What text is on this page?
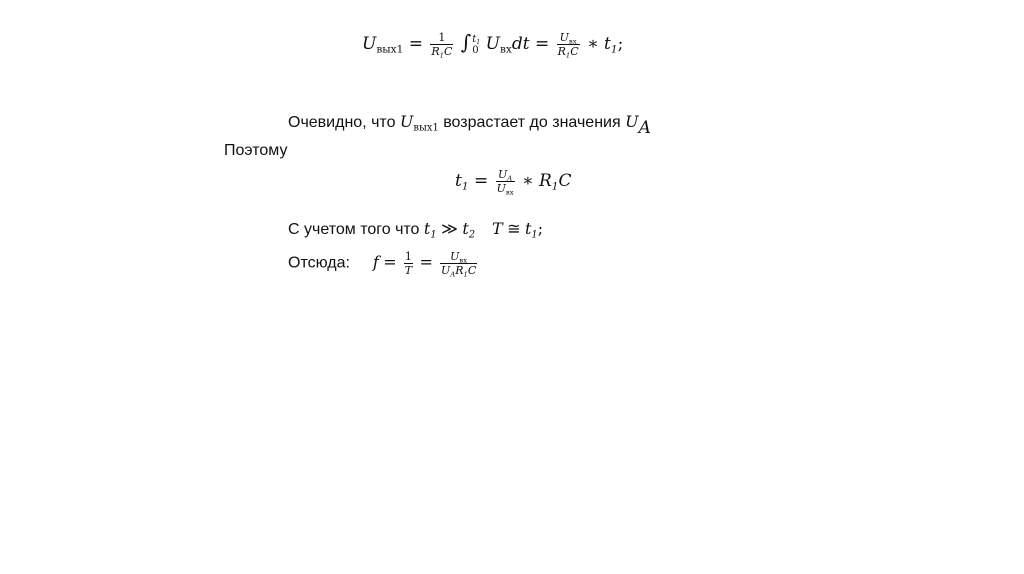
$U_{вых1} = \frac{1}{R_1C}$ ∫ $t_1$
0 $U_{вх}dt = \frac{U_{вх}}{R_1C}$ ∗ $t_1$;
Очевидно, что $U_{вых1}$ возрастает до значения $U_A$
Поэтому
$t_1 = \frac{U_A}{U_{вх}}$ ∗ $R_1C$
С учетом того что $t_1$ ≫ $t_2$ T ≅ $t_1$;
Отсюда: $f = \frac{1}{T} = \frac{U_{вх}}{U_AR_1C}$
